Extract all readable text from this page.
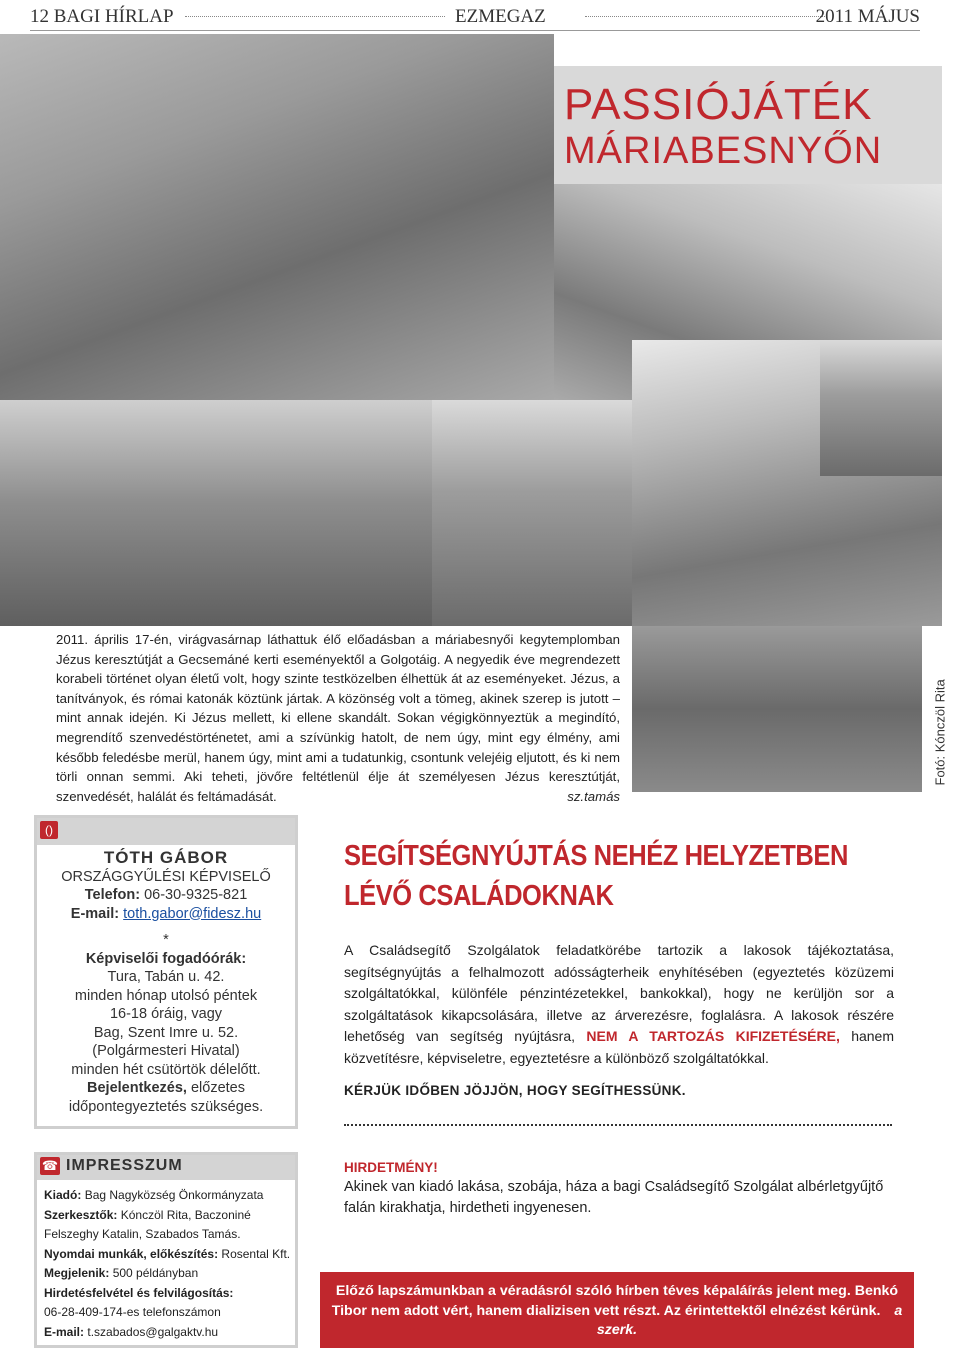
12 BAGI HÍRLAP	EZMEGAZ	2011 MÁJUS
PASSIÓJÁTÉK
MÁRIABESNYŐN
2011. április 17-én, virágvasárnap láthattuk élő előadásban a máriabesnyői kegytemplomban Jézus keresztútját a Gecsemáné kerti eseményektől a Golgotáig. A negyedik éve megrendezett korabeli történet olyan életű volt, hogy szinte testközelben élhettük át az eseményeket. Jézus, a tanítványok, és római katonák köztünk jártak. A közönség volt a tömeg, akinek szerep is jutott – mint annak idején. Ki Jézus mellett, ki ellene skandált. Sokan végigkönnyeztük a megindító, megrendítő szenvedéstörténetet, ami a szívünkig hatolt, de nem úgy, mint egy élmény, ami később feledésbe merül, hanem úgy, mint ami a tudatunkig, csontunk velejéig eljutott, és ki nem törli onnan semmi. Aki teheti, jövőre feltétlenül élje át személyesen Jézus keresztútját, szenvedését, halálát és feltámadását.	sz.tamás
Fotó: Kónczöl Rita
()
TÓTH GÁBOR
ORSZÁGGYŰLÉSI KÉPVISELŐ
Telefon: 06-30-9325-821
E-mail: toth.gabor@fidesz.hu
*
Képviselői fogadóórák:
Tura, Tabán u. 42.
minden hónap utolsó péntek
16-18 óráig, vagy
Bag, Szent Imre u. 52.
(Polgármesteri Hivatal)
minden hét csütörtök délelőtt.
Bejelentkezés, előzetes
időpontegyeztetés szükséges.
☎ IMPRESSZUM
Kiadó: Bag Nagyközség Önkormányzata
Szerkesztők: Kónczöl Rita, Baczoniné
Felszeghy Katalin, Szabados Tamás.
Nyomdai munkák, előkészítés: Rosental Kft.
Megjelenik: 500 példányban
Hirdetésfelvétel és felvilágosítás:
06-28-409-174-es telefonszámon
E-mail: t.szabados@galgaktv.hu
SEGÍTSÉGNYÚJTÁS NEHÉZ HELYZETBEN
LÉVŐ CSALÁDOKNAK
A Családsegítő Szolgálatok feladatkörébe tartozik a lakosok tájékoztatása, segítségnyújtás a felhalmozott adósságterheik enyhítésében (egyeztetés közüzemi szolgáltatókkal, különféle pénzintézetekkel, bankokkal), hogy ne kerüljön sor a szolgáltatások kikapcsolására, illetve az árverezésre, foglalásra. A lakosok részére lehetőség van segítség nyújtásra, NEM A TARTOZÁS KIFIZETÉSÉRE, hanem közvetítésre, képviseletre, egyeztetésre a különböző szolgáltatókkal.
KÉRJÜK IDŐBEN JÖJJÖN, HOGY SEGÍTHESSÜNK.
HIRDETMÉNY!
Akinek van kiadó lakása, szobája, háza a bagi Családsegítő Szolgálat albérletgyűjtő falán kirakhatja, hirdetheti ingyenesen.
Előző lapszámunkban a véradásról szóló hírben téves képaláírás jelent meg. Benkó Tibor nem adott vért, hanem dializisen vett részt. Az érintettektől elnézést kérünk. a szerk.
